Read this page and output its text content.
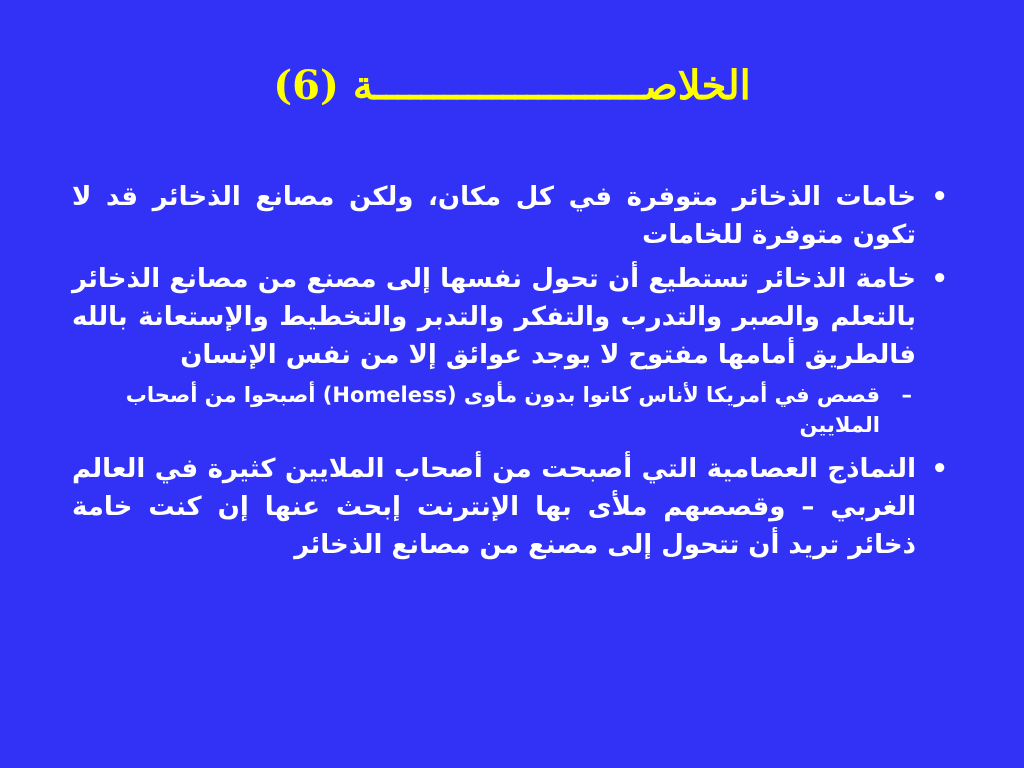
الخلاصـــــــــــــــــــــــة (6)
•
خامات الذخائر متوفرة في كل مكان، ولكن مصانع الذخائر قد لا تكون متوفرة للخامات
•
خامة الذخائر تستطيع أن تحول نفسها إلى مصنع من مصانع الذخائر بالتعلم والصبر والتدرب والتفكر والتدبر والتخطيط والإستعانة بالله فالطريق أمامها مفتوح لا يوجد عوائق إلا من نفس الإنسان
–
قصص في أمريكا لأناس كانوا بدون مأوى (Homeless) أصبحوا من أصحاب الملايين
•
النماذج العصامية التي أصبحت من أصحاب الملايين كثيرة في العالم الغربي – وقصصهم ملأى بها الإنترنت إبحث عنها إن كنت خامة ذخائر تريد أن تتحول إلى مصنع من مصانع الذخائر
